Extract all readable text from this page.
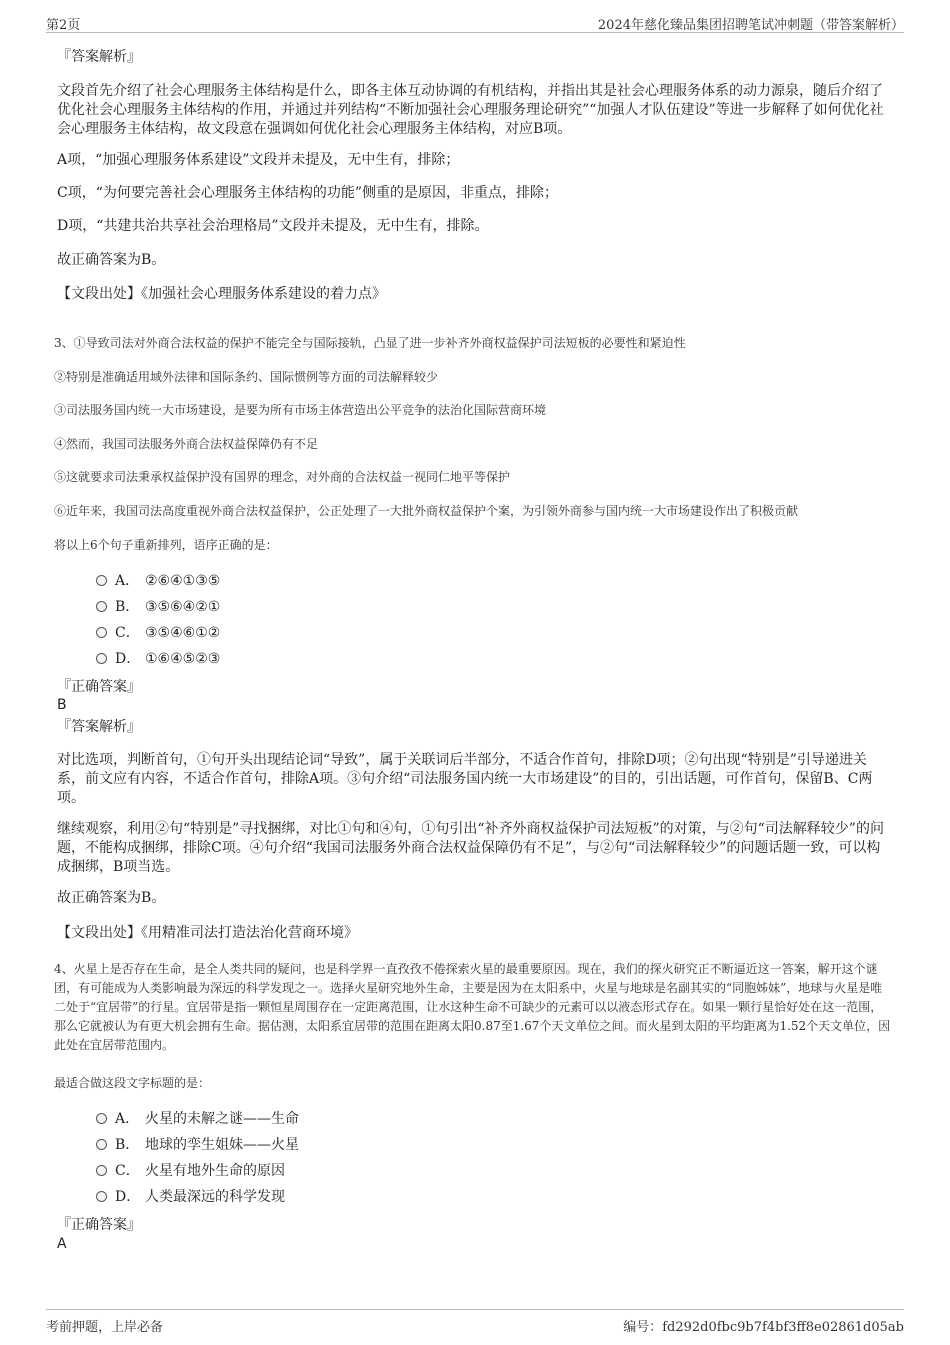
第2页	2024年慈化臻品集团招聘笔试冲刺题（带答案解析）
『答案解析』
文段首先介绍了社会心理服务主体结构是什么，即各主体互动协调的有机结构，并指出其是社会心理服务体系的动力源泉，随后介绍了优化社会心理服务主体结构的作用，并通过并列结构“不断加强社会心理服务理论研究”“加强人才队伍建设”等进一步解释了如何优化社会心理服务主体结构，故文段意在强调如何优化社会心理服务主体结构，对应B项。
A项，“加强心理服务体系建设”文段并未提及，无中生有，排除；
C项，“为何要完善社会心理服务主体结构的功能”侧重的是原因，非重点，排除；
D项，“共建共治共享社会治理格局”文段并未提及，无中生有，排除。
故正确答案为B。
【文段出处】《加强社会心理服务体系建设的着力点》
3、①导致司法对外商合法权益的保护不能完全与国际接轨，凸显了进一步补齐外商权益保护司法短板的必要性和紧迫性
②特别是准确适用域外法律和国际条约、国际惯例等方面的司法解释较少
③司法服务国内统一大市场建设，是要为所有市场主体营造出公平竞争的法治化国际营商环境
④然而，我国司法服务外商合法权益保障仍有不足
⑤这就要求司法秉承权益保护没有国界的理念，对外商的合法权益一视同仁地平等保护
⑥近年来，我国司法高度重视外商合法权益保护，公正处理了一大批外商权益保护个案，为引领外商参与国内统一大市场建设作出了积极贡献
将以上6个句子重新排列，语序正确的是：
A． ②⑥④①③⑤
B． ③⑤⑥④②①
C． ③⑤④⑥①②
D． ①⑥④⑤②③
『正确答案』
B
『答案解析』
对比选项，判断首句，①句开头出现结论词“导致”，属于关联词后半部分，不适合作首句，排除D项；②句出现“特别是”引导递进关系，前文应有内容，不适合作首句，排除A项。③句介绍“司法服务国内统一大市场建设”的目的，引出话题，可作首句，保留B、C两项。
继续观察，利用②句“特别是”寻找捆绑，对比①句和④句，①句引出“补齐外商权益保护司法短板”的对策，与②句“司法解释较少”的问题，不能构成捆绑，排除C项。④句介绍“我国司法服务外商合法权益保障仍有不足”，与②句“司法解释较少”的问题话题一致，可以构成捆绑，B项当选。
故正确答案为B。
【文段出处】《用精准司法打造法治化营商环境》
4、火星上是否存在生命，是全人类共同的疑问，也是科学界一直孜孜不倦探索火星的最重要原因。现在，我们的探火研究正不断逼近这一答案，解开这个谜团，有可能成为人类影响最为深远的科学发现之一。选择火星研究地外生命，主要是因为在太阳系中，火星与地球是名副其实的“同胞姊妹”，地球与火星是唯二处于“宜居带”的行星。宜居带是指一颗恒星周围存在一定距离范围，让水这种生命不可缺少的元素可以以液态形式存在。如果一颗行星恰好处在这一范围，那么它就被认为有更大机会拥有生命。据估测，太阳系宜居带的范围在距离太阳0.87至1.67个天文单位之间。而火星到太阳的平均距离为1.52个天文单位，因此处在宜居带范围内。
最适合做这段文字标题的是：
A． 火星的未解之谜——生命
B． 地球的孪生姐妹——火星
C． 火星有地外生命的原因
D． 人类最深远的科学发现
『正确答案』
A
考前押题，上岸必备	编号：fd292d0fbc9b7f4bf3ff8e02861d05ab
